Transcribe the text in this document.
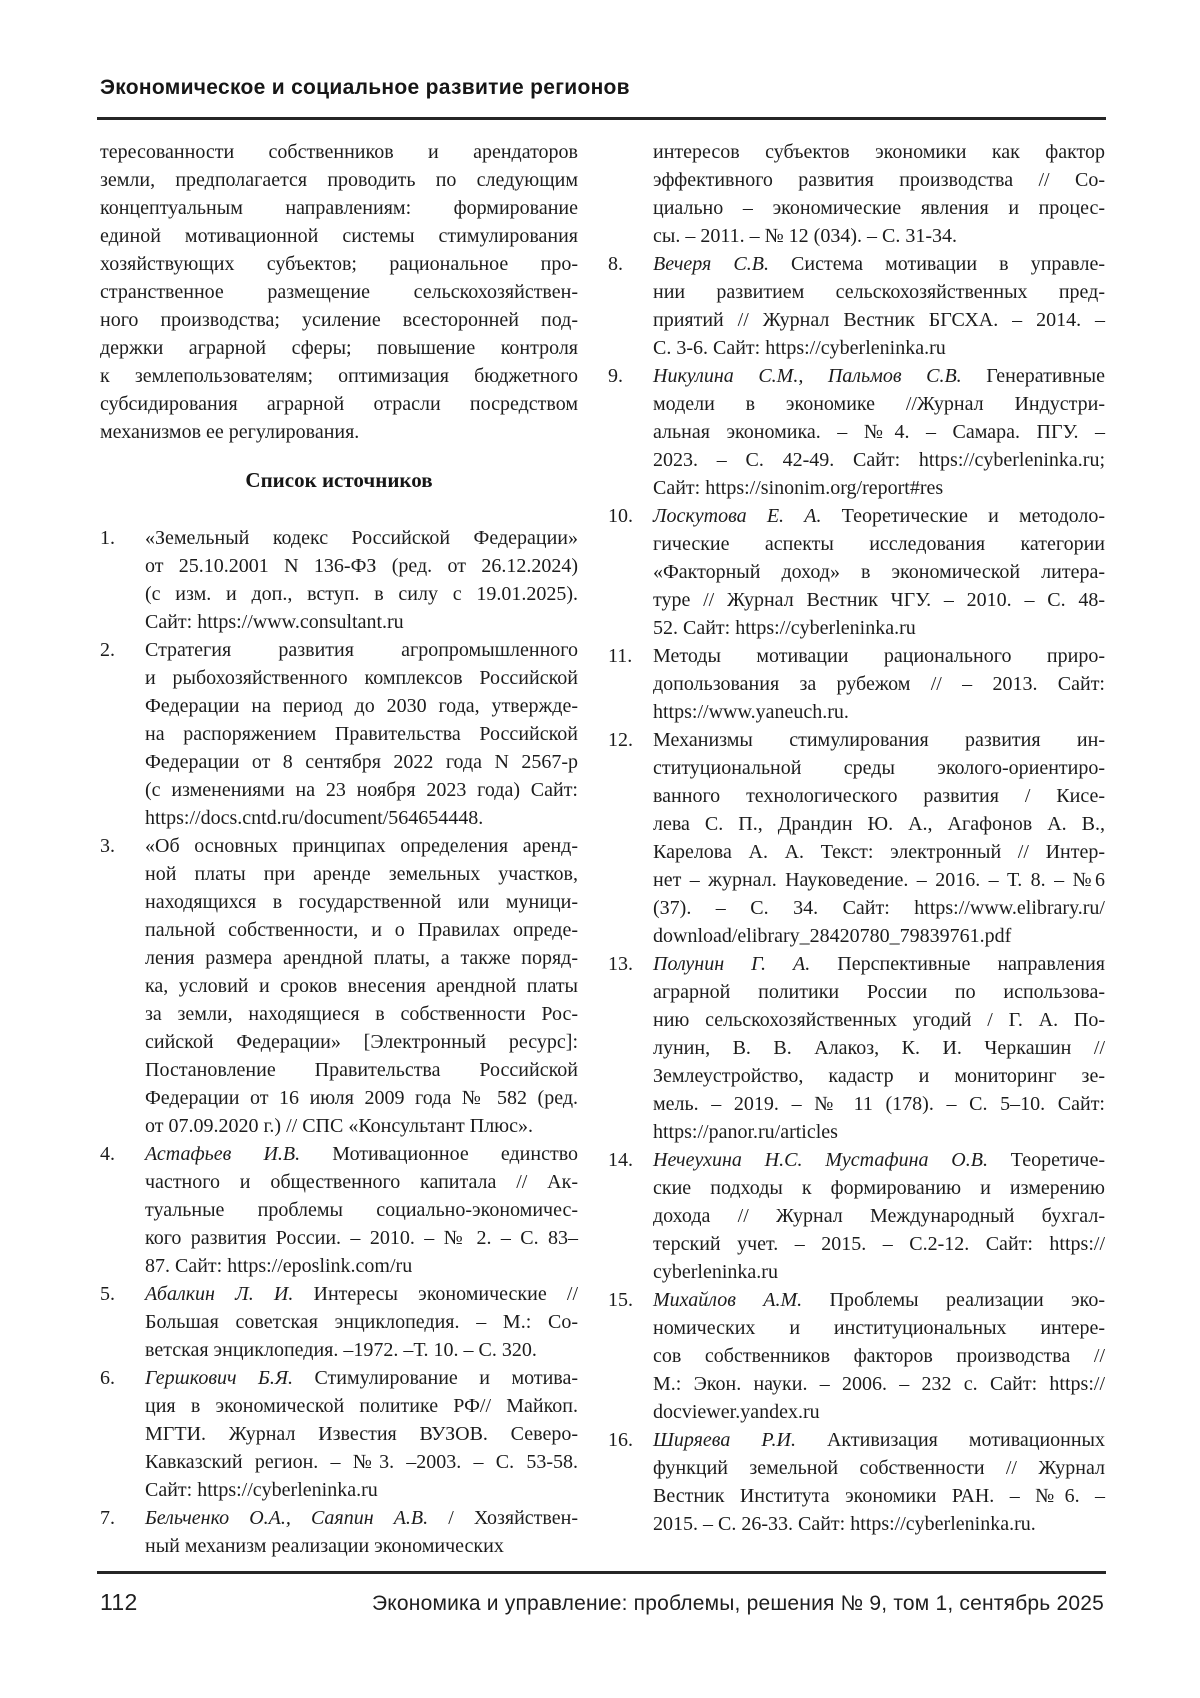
Экономическое и социальное развитие регионов
тересованности собственников и арендаторов
земли, предполагается проводить по следующим
концептуальным направлениям: формирование
единой мотивационной системы стимулирования
хозяйствующих субъектов; рациональное про-
странственное размещение сельскохозяйствен-
ного производства; усиление всесторонней под-
держки аграрной сферы; повышение контроля
к землепользователям; оптимизация бюджетного
субсидирования аграрной отрасли посредством
механизмов ее регулирования.
Список источников
1. «Земельный кодекс Российской Федерации»
от 25.10.2001 N 136-ФЗ (ред. от 26.12.2024)
(с изм. и доп., вступ. в силу с 19.01.2025).
Сайт: https://www.consultant.ru
2. Стратегия развития агропромышленного
и рыбохозяйственного комплексов Российской
Федерации на период до 2030 года, утвержде-
на распоряжением Правительства Российской
Федерации от 8 сентября 2022 года N 2567-р
(с изменениями на 23 ноября 2023 года) Сайт:
https://docs.cntd.ru/document/564654448.
3. «Об основных принципах определения аренд-
ной платы при аренде земельных участков,
находящихся в государственной или муници-
пальной собственности, и о Правилах опреде-
ления размера арендной платы, а также поряд-
ка, условий и сроков внесения арендной платы
за земли, находящиеся в собственности Рос-
сийской Федерации» [Электронный ресурс]:
Постановление Правительства Российской
Федерации от 16 июля 2009 года № 582 (ред.
от 07.09.2020 г.) // СПС «Консультант Плюс».
4. Астафьев И.В. Мотивационное единство
частного и общественного капитала // Ак-
туальные проблемы социально-экономичес-
кого развития России. – 2010. – № 2. – С. 83–
87. Сайт: https://eposlink.com/ru
5. Абалкин Л. И. Интересы экономические //
Большая советская энциклопедия. – М.: Со-
ветская энциклопедия. –1972. –Т. 10. – С. 320.
6. Гершкович Б.Я. Стимулирование и мотива-
ция в экономической политике РФ// Майкоп.
МГТИ. Журнал Известия ВУЗОВ. Северо-
Кавказский регион. – №3. –2003. – С. 53-58.
Сайт: https://cyberleninka.ru
7. Бельченко О.А., Саяпин А.В. / Хозяйствен-
ный механизм реализации экономических
интересов субъектов экономики как фактор
эффективного развития производства // Со-
циально – экономические явления и процес-
сы. – 2011. – № 12 (034). – С. 31-34.
8. Вечеря С.В. Система мотивации в управле-
нии развитием сельскохозяйственных пред-
приятий // Журнал Вестник БГСХА. – 2014. –
С. 3-6. Сайт: https://cyberleninka.ru
9. Никулина С.М., Пальмов С.В. Генеративные
модели в экономике //Журнал Индустри-
альная экономика. – №4. – Самара. ПГУ. –
2023. – С. 42-49. Сайт: https://cyberleninka.ru;
Сайт: https://sinonim.org/report#res
10. Лоскутова Е. А. Теоретические и методоло-
гические аспекты исследования категории
«Факторный доход» в экономической литера-
туре // Журнал Вестник ЧГУ. – 2010. – С. 48-
52. Сайт: https://cyberleninka.ru
11. Методы мотивации рационального приро-
допользования за рубежом // – 2013. Сайт:
https://www.yaneuch.ru.
12. Механизмы стимулирования развития ин-
ституциональной среды эколого-ориентиро-
ванного технологического развития / Кисе-
лева С. П., Драндин Ю. А., Агафонов А. В.,
Карелова А. А. Текст: электронный // Интер-
нет – журнал. Науковедение. – 2016. – Т. 8. – №6
(37). – С. 34. Сайт: https://www.elibrary.ru/
download/elibrary_28420780_79839761.pdf
13. Полунин Г. А. Перспективные направления
аграрной политики России по использова-
нию сельскохозяйственных угодий / Г. А. По-
лунин, В. В. Алакоз, К. И. Черкашин //
Землеустройство, кадастр и мониторинг зе-
мель. – 2019. – № 11 (178). – С. 5–10. Сайт:
https://panor.ru/articles
14. Нечеухина Н.С. Мустафина О.В. Теоретиче-
ские подходы к формированию и измерению
дохода // Журнал Международный бухгал-
терский учет. – 2015. – С.2-12. Сайт: https://
cyberleninka.ru
15. Михайлов А.М. Проблемы реализации эко-
номических и институциональных интере-
сов собственников факторов производства //
М.: Экон. науки. – 2006. – 232 с. Сайт: https://
docviewer.yandex.ru
16. Ширяева Р.И. Активизация мотивационных
функций земельной собственности // Журнал
Вестник Института экономики РАН. – №6. –
2015. – С. 26-33. Сайт: https://cyberleninka.ru.
112	Экономика и управление: проблемы, решения № 9, том 1, сентябрь 2025
